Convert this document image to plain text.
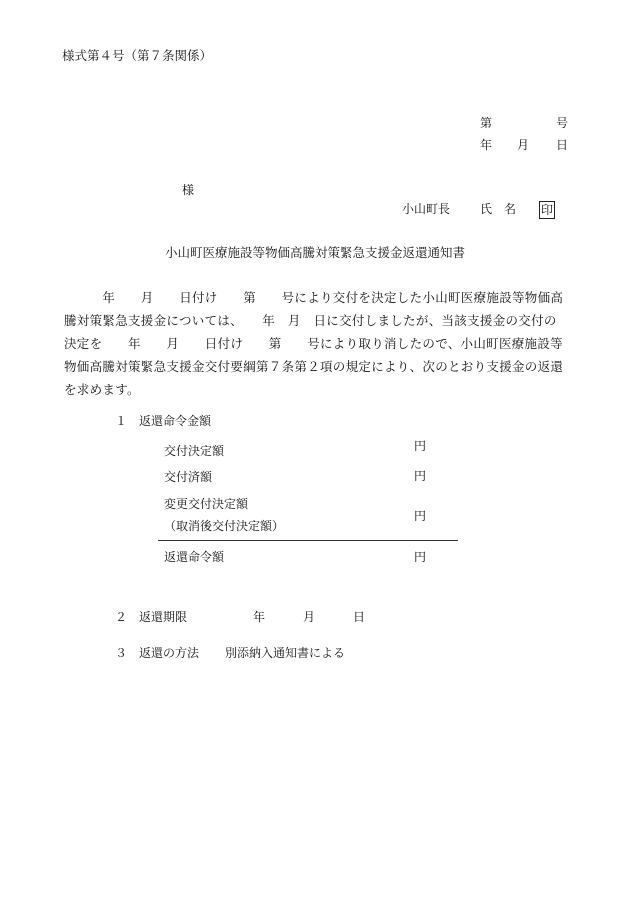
様式第４号（第７条関係）
第	号
年 月 日
様
小山町長 氏　名 印
小山町医療施設等物価高騰対策緊急支援金返還通知書
　　　年　　月　　日付け　　第　　号により交付を決定した小山町医療施設等物価高
騰対策緊急支援金については、　　年　月　日に交付しましたが、当該支援金の交付の
決定を　　年　　月　　日付け　　第　　号により取り消したので、小山町医療施設等
物価高騰対策緊急支援金交付要綱第７条第２項の規定により、次のとおり支援金の返還
を求めます。
１ 返還命令金額
交付決定額	円
交付済額	円
変更交付決定額
（取消後交付決定額）
円
返還命令額	円
２ 返還期限	年	月	日
３ 返還の方法 別添納入通知書による
